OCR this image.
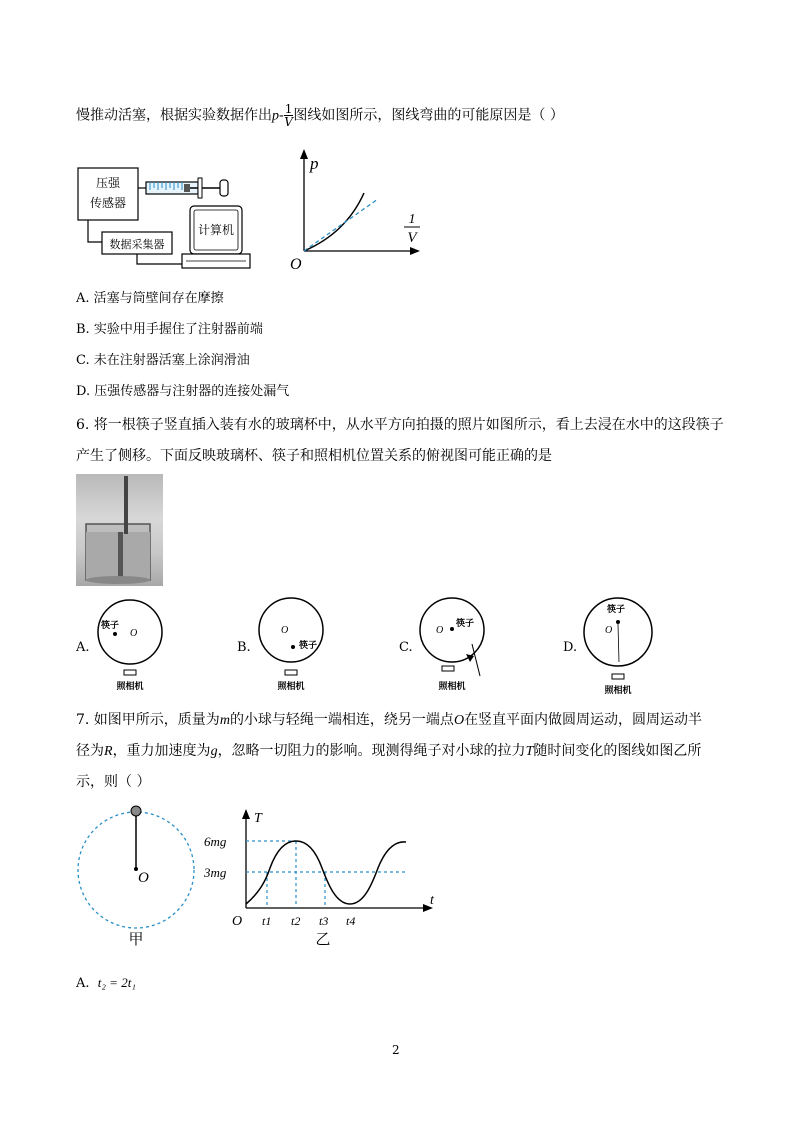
慢推动活塞，根据实验数据作出$p- \frac{1}{V}$ 图线如图所示，图线弯曲的可能原因是（ ）
压强
传感器
数据采集器
计算机
p
O
1
V
A. 活塞与筒壁间存在摩擦
B. 实验中用手握住了注射器前端
C. 未在注射器活塞上涂润滑油
D. 压强传感器与注射器的连接处漏气
6. 将一根筷子竖直插入装有水的玻璃杯中，从水平方向拍摄的照片如图所示，看上去浸在水中的这段筷子
产生了侧移。下面反映玻璃杯、筷子和照相机位置关系的俯视图可能正确的是
A.
筷子
O
照相机
B.
O
筷子
照相机
C.
O
筷子
照相机
D.
筷子
O
照相机
7. 如图甲所示，质量为m的小球与轻绳一端相连，绕另一端点O在竖直平面内做圆周运动，圆周运动半
径为R，重力加速度为g，忽略一切阻力的影响。现测得绳子对小球的拉力T随时间变化的图线如图乙所
示，则（ ）
O
甲
T
t
O
6mg
3mg
t1 t2 t3 t4
乙
A. t₂ = 2t₁
2
